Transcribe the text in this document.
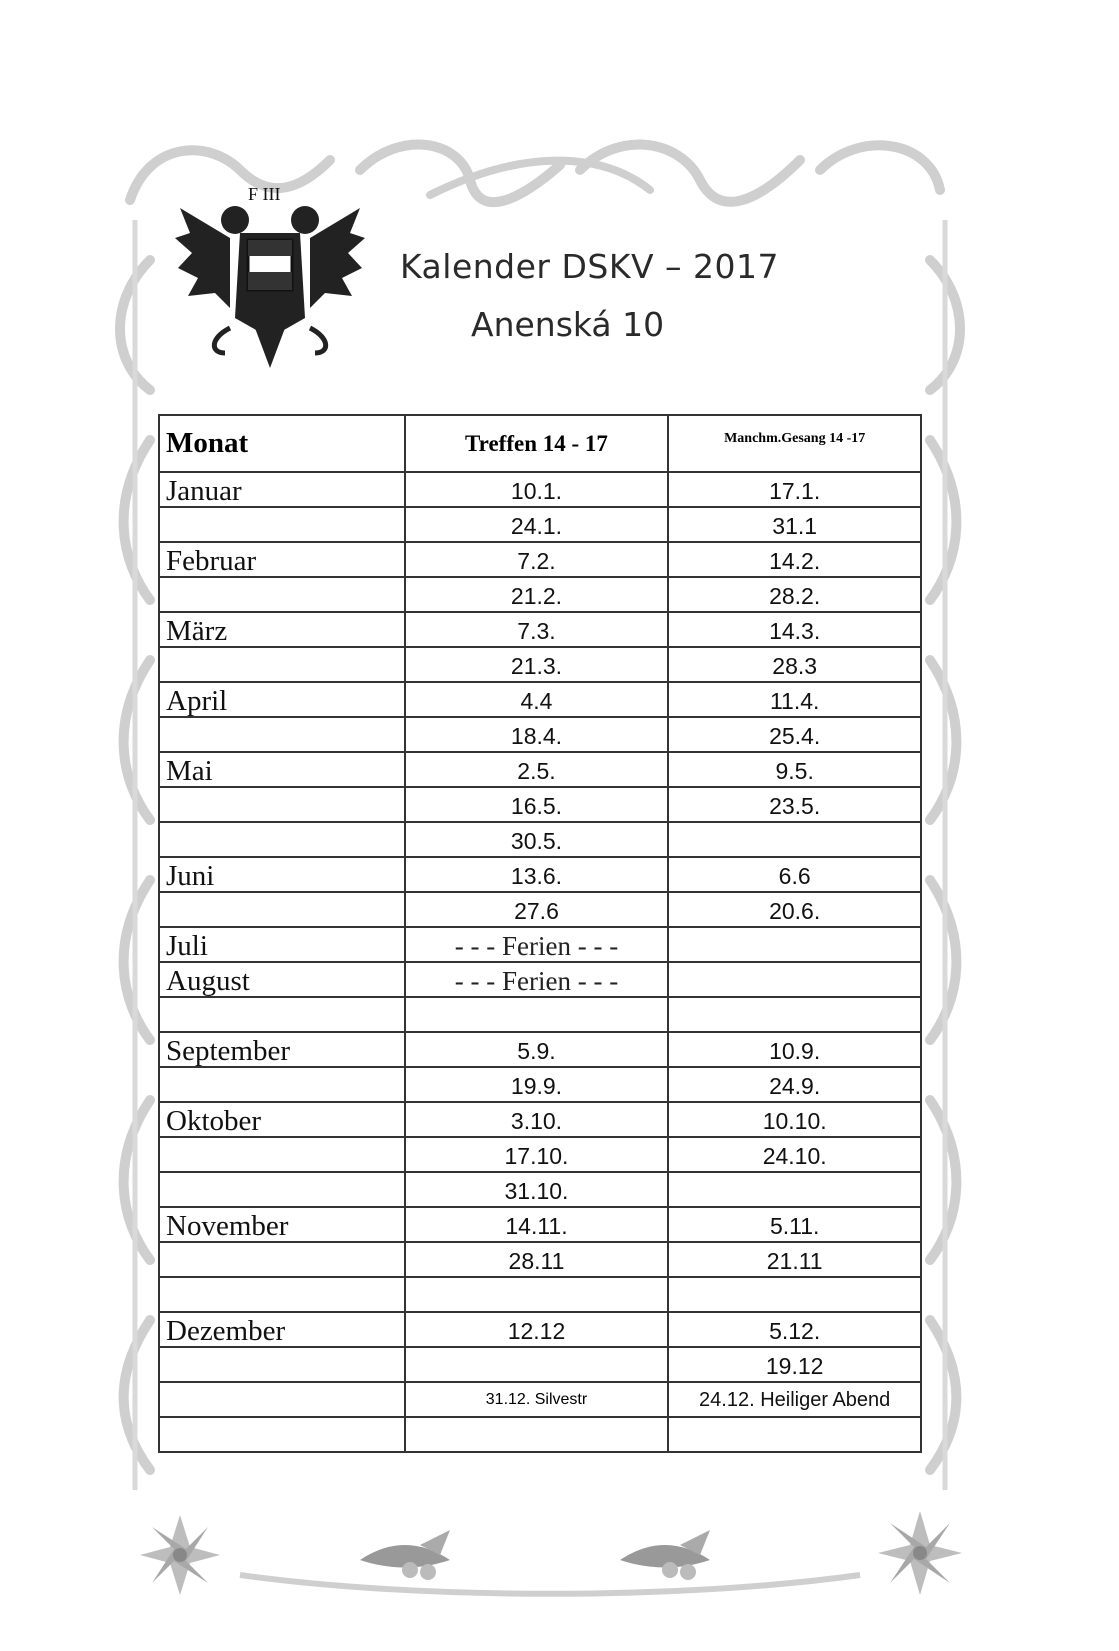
F III
Kalender DSKV – 2017
Anenská 10
Monat	Treffen 14 - 17	Manchm.Gesang 14 -17
Januar	10.1.	17.1.
	24.1.	31.1
Februar	7.2.	14.2.
	21.2.	28.2.
März	7.3.	14.3.
	21.3.	28.3
April	4.4	11.4.
	18.4.	25.4.
Mai	2.5.	9.5.
	16.5.	23.5.
	30.5.	
Juni	13.6.	6.6
	27.6	20.6.
Juli	- - - Ferien - - -	
August	- - - Ferien - - -	

September	5.9.	10.9.
	19.9.	24.9.
Oktober	3.10.	10.10.
	17.10.	24.10.
	31.10.	
November	14.11.	5.11.
	28.11	21.11

Dezember	12.12	5.12.
		19.12
	31.12. Silvestr	24.12. Heiliger Abend
